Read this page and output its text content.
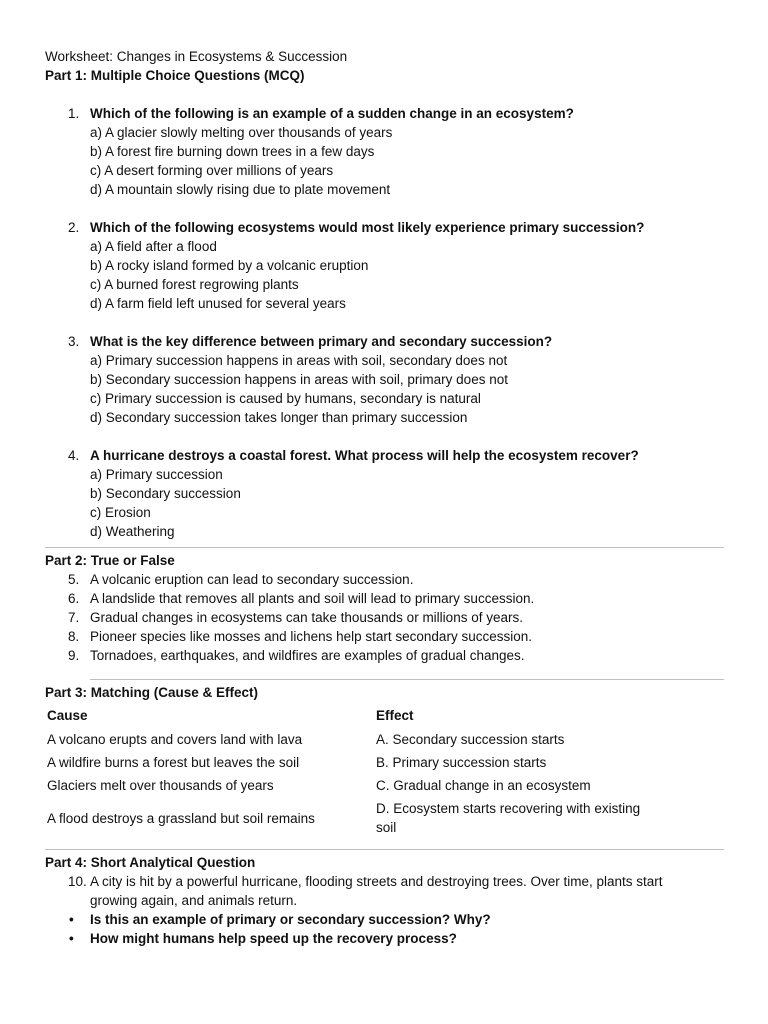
Worksheet: Changes in Ecosystems & Succession
Part 1: Multiple Choice Questions (MCQ)
1. Which of the following is an example of a sudden change in an ecosystem?
a) A glacier slowly melting over thousands of years
b) A forest fire burning down trees in a few days
c) A desert forming over millions of years
d) A mountain slowly rising due to plate movement
2. Which of the following ecosystems would most likely experience primary succession?
a) A field after a flood
b) A rocky island formed by a volcanic eruption
c) A burned forest regrowing plants
d) A farm field left unused for several years
3. What is the key difference between primary and secondary succession?
a) Primary succession happens in areas with soil, secondary does not
b) Secondary succession happens in areas with soil, primary does not
c) Primary succession is caused by humans, secondary is natural
d) Secondary succession takes longer than primary succession
4. A hurricane destroys a coastal forest. What process will help the ecosystem recover?
a) Primary succession
b) Secondary succession
c) Erosion
d) Weathering
Part 2: True or False
5. A volcanic eruption can lead to secondary succession.
6. A landslide that removes all plants and soil will lead to primary succession.
7. Gradual changes in ecosystems can take thousands or millions of years.
8. Pioneer species like mosses and lichens help start secondary succession.
9. Tornadoes, earthquakes, and wildfires are examples of gradual changes.
Part 3: Matching (Cause & Effect)
Cause	Effect
A volcano erupts and covers land with lava	A. Secondary succession starts
A wildfire burns a forest but leaves the soil	B. Primary succession starts
Glaciers melt over thousands of years	C. Gradual change in an ecosystem
A flood destroys a grassland but soil remains	D. Ecosystem starts recovering with existing soil
Part 4: Short Analytical Question
10. A city is hit by a powerful hurricane, flooding streets and destroying trees. Over time, plants start growing again, and animals return.
• Is this an example of primary or secondary succession? Why?
• How might humans help speed up the recovery process?
